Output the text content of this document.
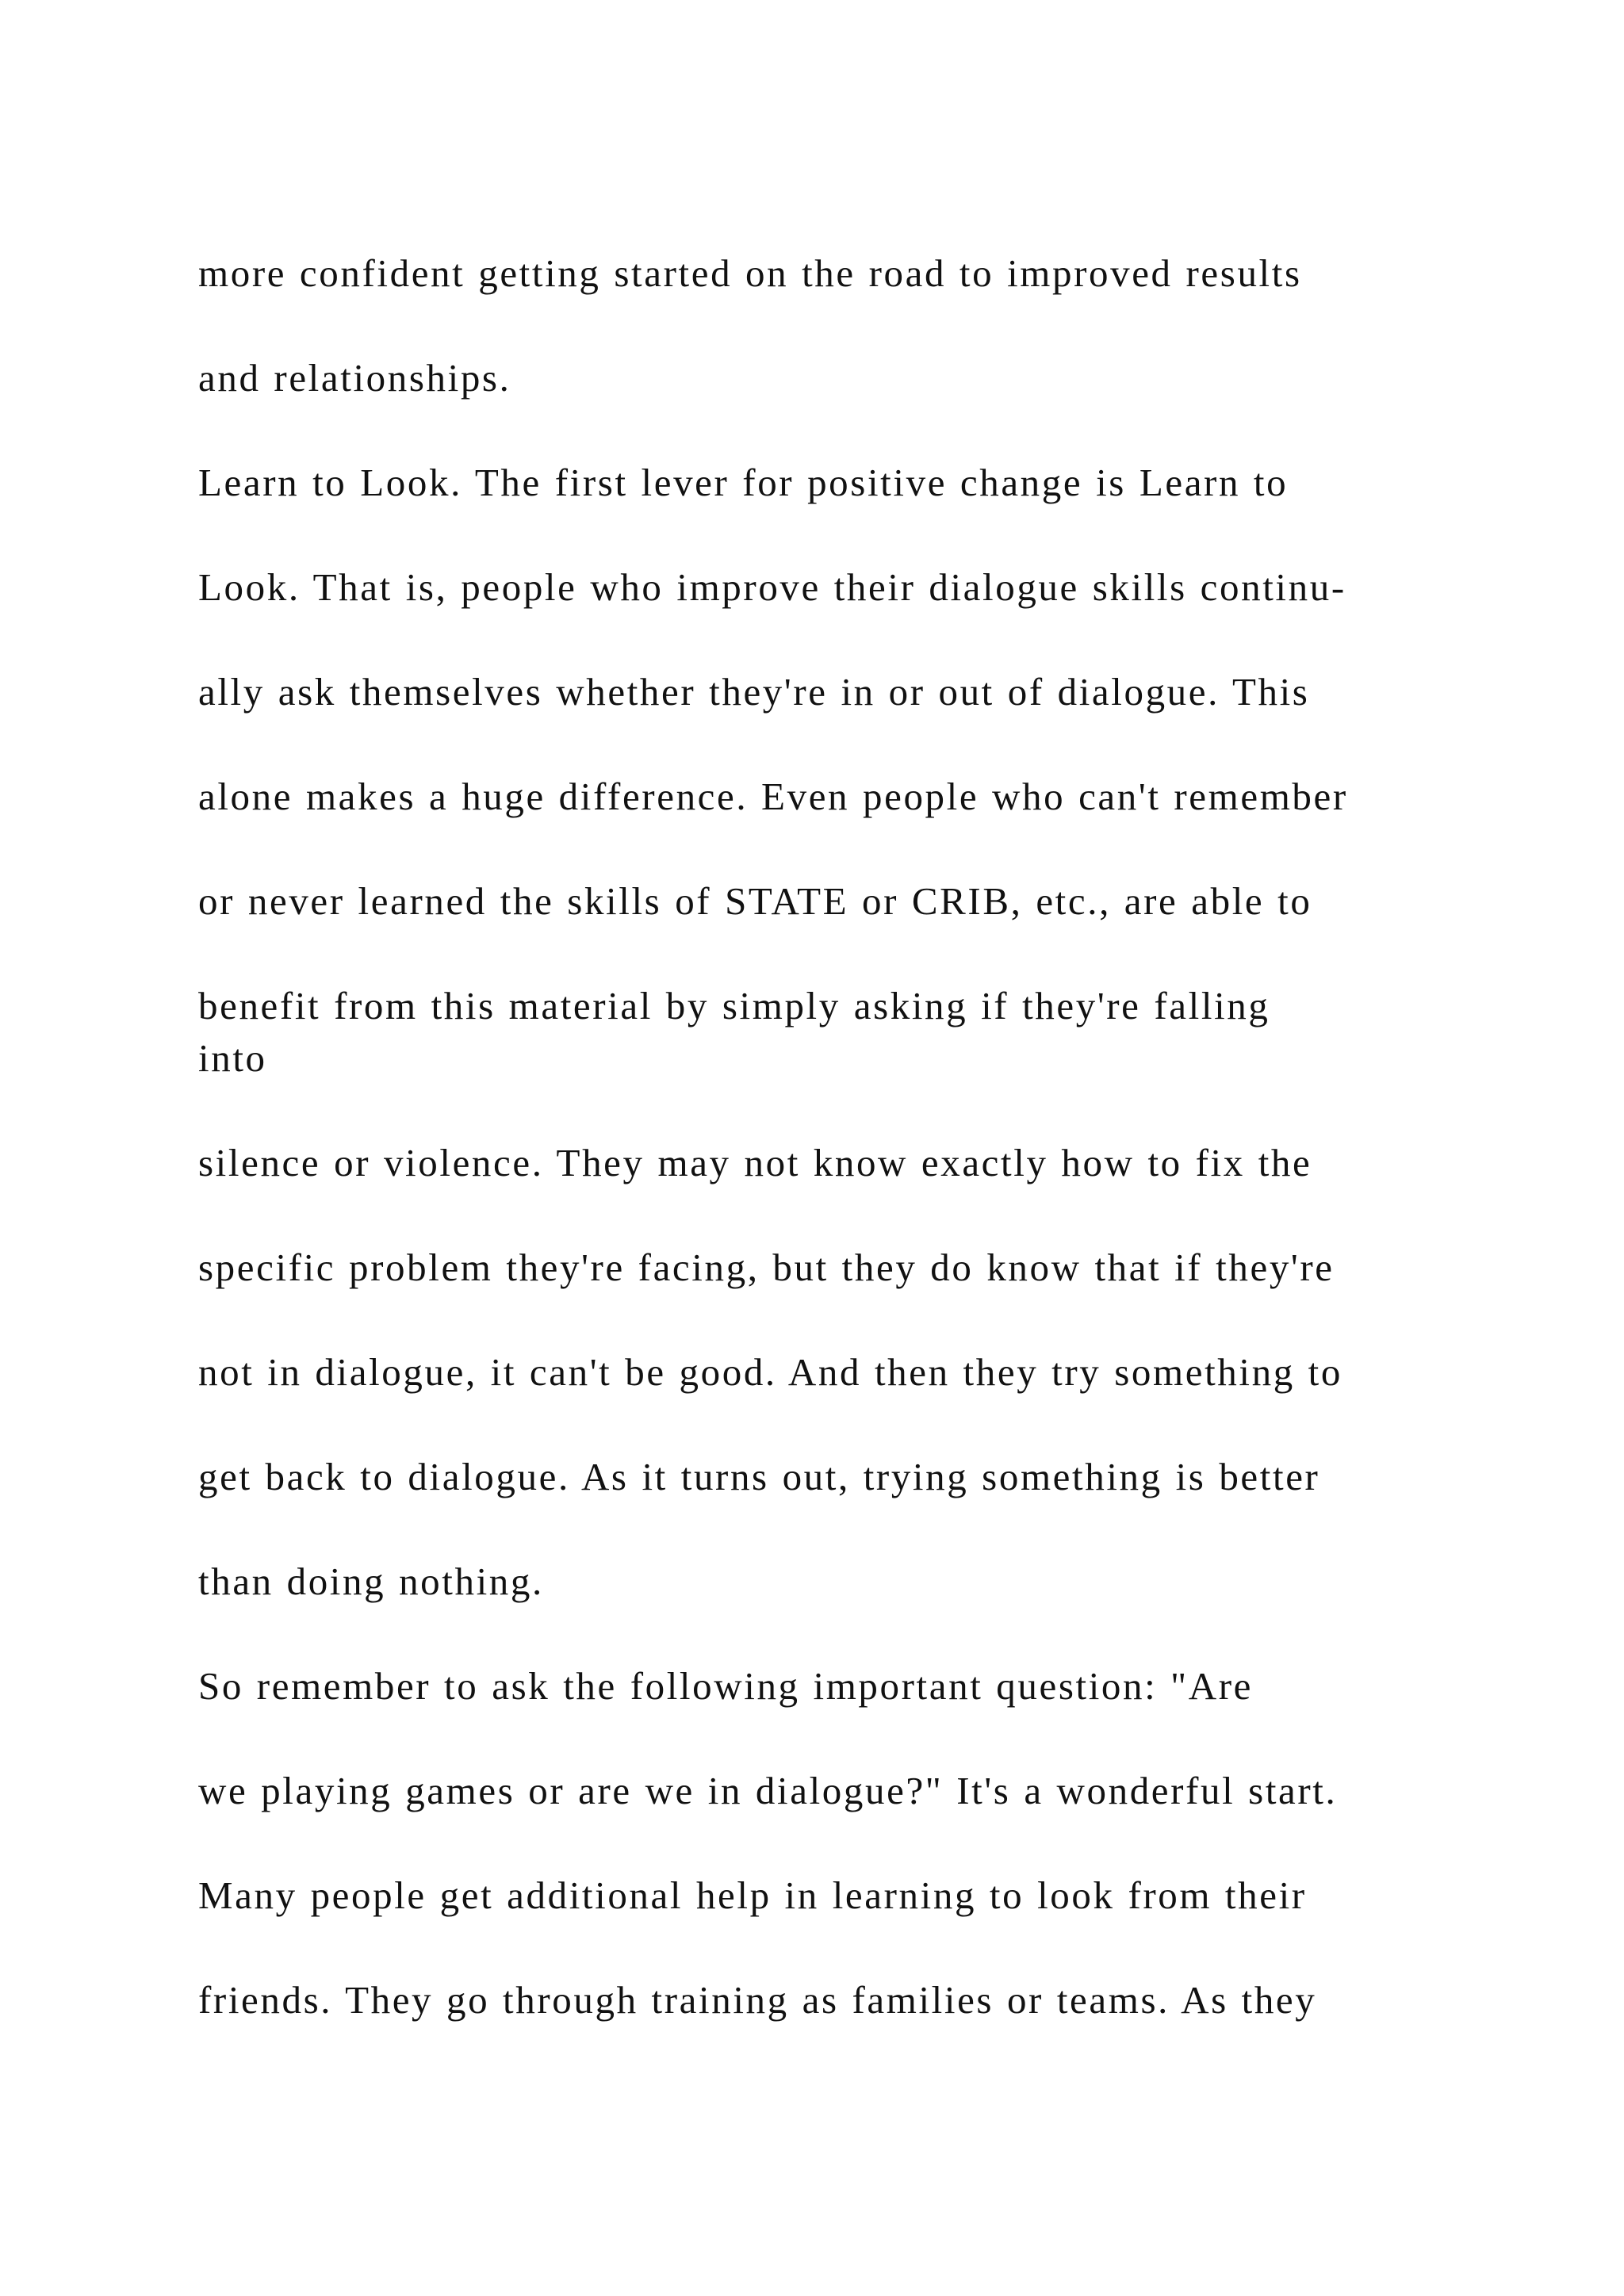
more confident getting started on the road to improved results
and relationships.
Learn to Look. The first lever for positive change is Learn to
Look. That is, people who improve their dialogue skills continu-
ally ask themselves whether they're in or out of dialogue. This
alone makes a huge difference. Even people who can't remember
or never learned the skills of STATE or CRIB, etc., are able to
benefit from this material by simply asking if they're falling
into
silence or violence. They may not know exactly how to fix the
specific problem they're facing, but they do know that if they're
not in dialogue, it can't be good. And then they try something to
get back to dialogue. As it turns out, trying something is better
than doing nothing.
So remember to ask the following important question: "Are
we playing games or are we in dialogue?" It's a wonderful start.
Many people get additional help in learning to look from their
friends. They go through training as families or teams. As they
